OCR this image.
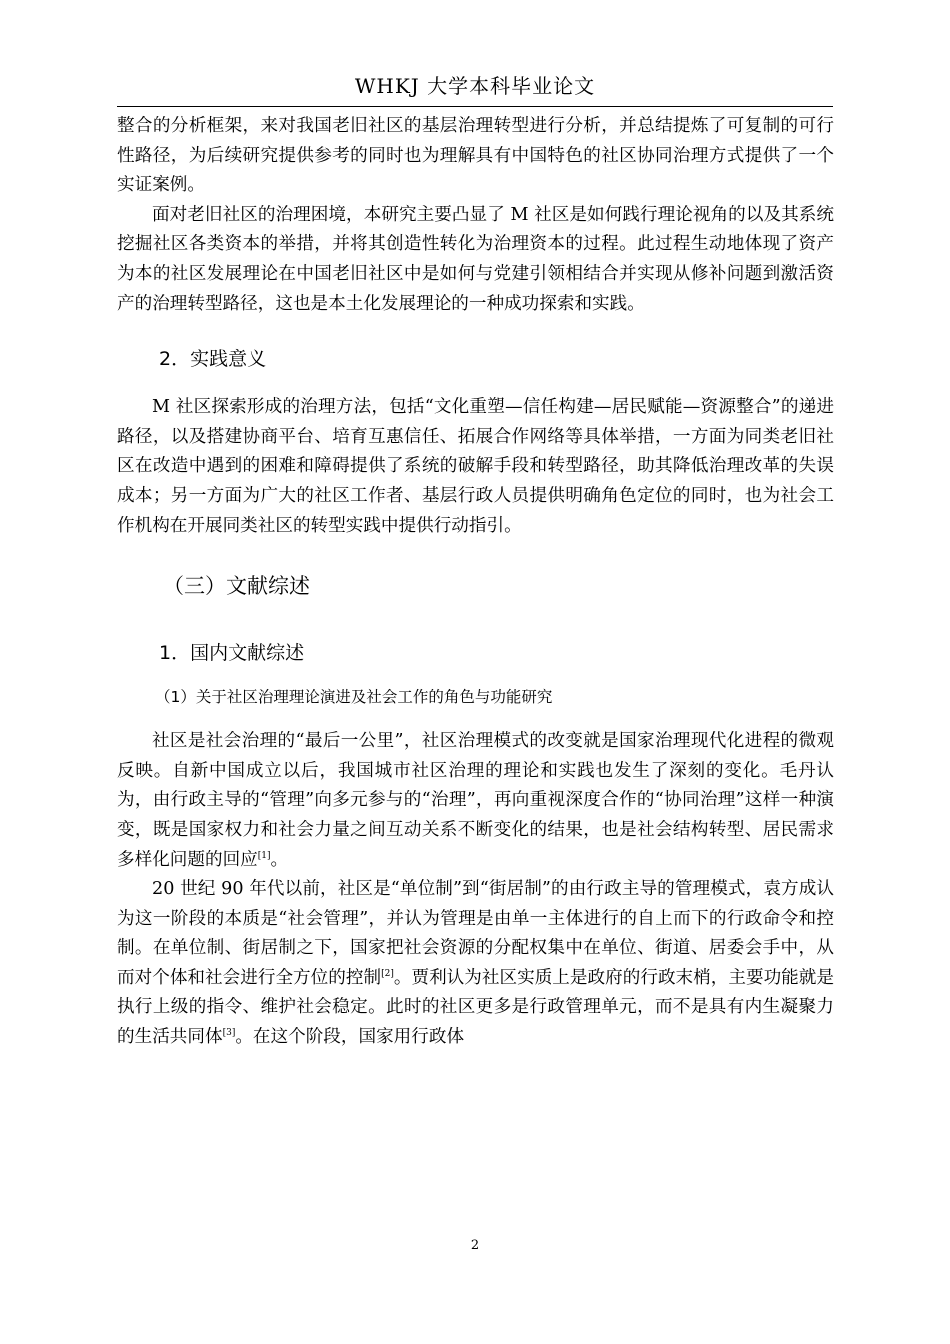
WHKJ 大学本科毕业论文

整合的分析框架，来对我国老旧社区的基层治理转型进行分析，并总结提炼了可复制的可行性路径，为后续研究提供参考的同时也为理解具有中国特色的社区协同治理方式提供了一个实证案例。

面对老旧社区的治理困境，本研究主要凸显了 M 社区是如何践行理论视角的以及其系统挖掘社区各类资本的举措，并将其创造性转化为治理资本的过程。此过程生动地体现了资产为本的社区发展理论在中国老旧社区中是如何与党建引领相结合并实现从修补问题到激活资产的治理转型路径，这也是本土化发展理论的一种成功探索和实践。

2．实践意义

M 社区探索形成的治理方法，包括“文化重塑—信任构建—居民赋能—资源整合”的递进路径，以及搭建协商平台、培育互惠信任、拓展合作网络等具体举措，一方面为同类老旧社区在改造中遇到的困难和障碍提供了系统的破解手段和转型路径，助其降低治理改革的失误成本；另一方面为广大的社区工作者、基层行政人员提供明确角色定位的同时，也为社会工作机构在开展同类社区的转型实践中提供行动指引。

（三）文献综述
1．国内文献综述
（1）关于社区治理理论演进及社会工作的角色与功能研究

社区是社会治理的“最后一公里”，社区治理模式的改变就是国家治理现代化进程的微观反映。自新中国成立以后，我国城市社区治理的理论和实践也发生了深刻的变化。毛丹认为，由行政主导的“管理”向多元参与的“治理”，再向重视深度合作的“协同治理”这样一种演变，既是国家权力和社会力量之间互动关系不断变化的结果，也是社会结构转型、居民需求多样化问题的回应[1]。

20 世纪 90 年代以前，社区是“单位制”到“街居制”的由行政主导的管理模式，袁方成认为这一阶段的本质是“社会管理”，并认为管理是由单一主体进行的自上而下的行政命令和控制。在单位制、街居制之下，国家把社会资源的分配权集中在单位、街道、居委会手中，从而对个体和社会进行全方位的控制[2]。贾利认为社区实质上是政府的行政末梢，主要功能就是执行上级的指令、维护社会稳定。此时的社区更多是行政管理单元，而不是具有内生凝聚力的生活共同体[3]。在这个阶段，国家用行政体

2
